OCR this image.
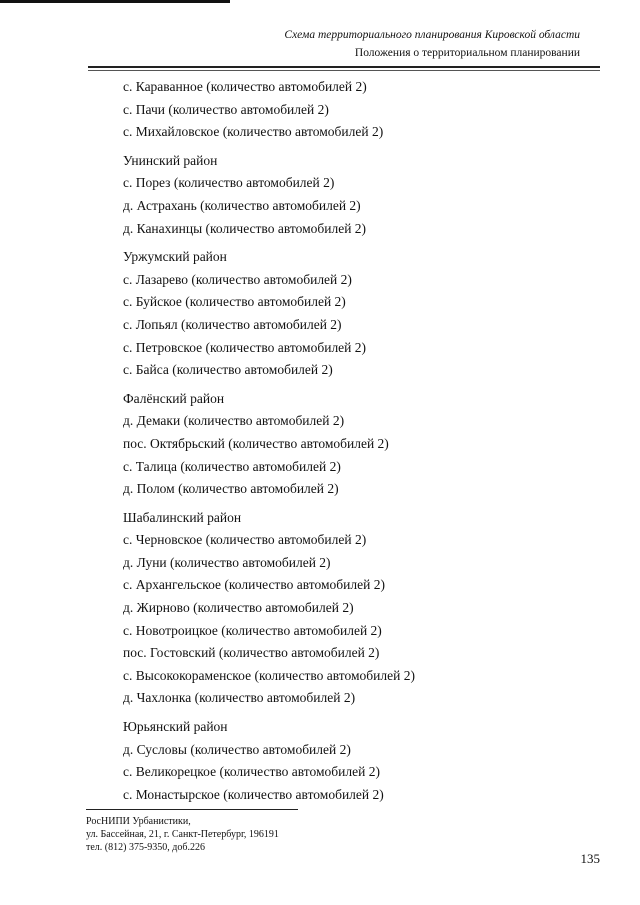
Схема территориального планирования Кировской области
Положения о территориальном планировании
с. Караванное (количество автомобилей 2)
с. Пачи (количество автомобилей 2)
с. Михайловское (количество автомобилей 2)
Унинский район
с. Порез (количество автомобилей 2)
д. Астрахань (количество автомобилей 2)
д. Канахинцы (количество автомобилей 2)
Уржумский район
с. Лазарево (количество автомобилей 2)
с. Буйское (количество автомобилей 2)
с. Лопьял (количество автомобилей 2)
с. Петровское (количество автомобилей 2)
с. Байса (количество автомобилей 2)
Фалёнский район
д. Демаки (количество автомобилей 2)
пос. Октябрьский (количество автомобилей 2)
с. Талица (количество автомобилей 2)
д. Полом (количество автомобилей 2)
Шабалинский район
с. Черновское (количество автомобилей 2)
д. Луни (количество автомобилей 2)
с. Архангельское (количество автомобилей 2)
д. Жирново (количество автомобилей 2)
с. Новотроицкое (количество автомобилей 2)
пос. Гостовский (количество автомобилей 2)
с. Высококораменское (количество автомобилей 2)
д. Чахлонка (количество автомобилей 2)
Юрьянский район
д. Сусловы (количество автомобилей 2)
с. Великорецкое (количество автомобилей 2)
с. Монастырское (количество автомобилей 2)
РосНИПИ Урбанистики,
ул. Бассейная, 21, г. Санкт-Петербург, 196191
тел. (812) 375-9350, доб.226
135
